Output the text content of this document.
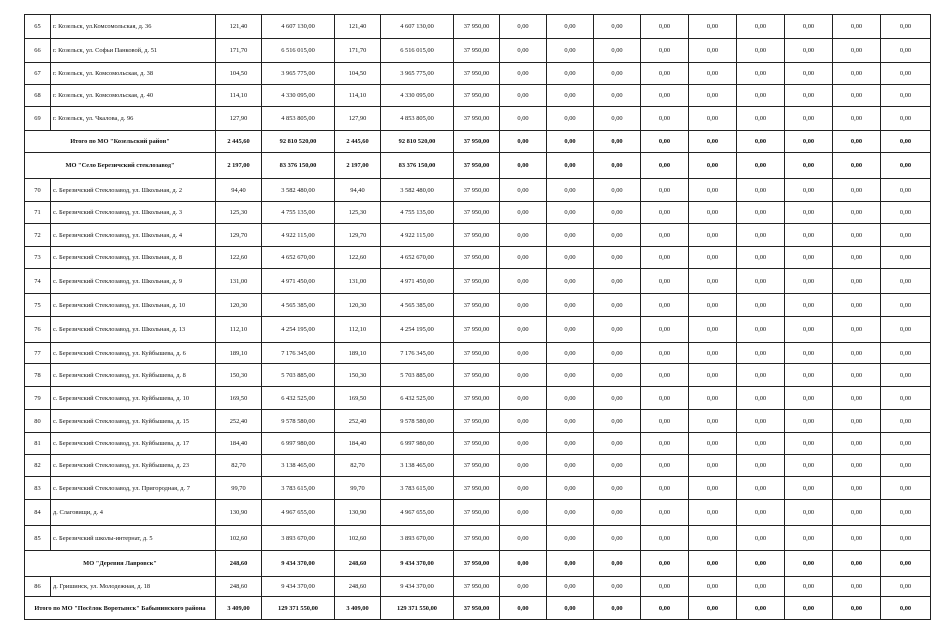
65	г. Козельск, ул.Комсомольская, д. 36	121,40	4 607 130,00	121,40	4 607 130,00	37 950,00	0,00	0,00	0,00	0,00	0,00	0,00	0,00	0,00	0,00
66	г. Козельск, ул. Софьи Панковой, д. 51	171,70	6 516 015,00	171,70	6 516 015,00	37 950,00	0,00	0,00	0,00	0,00	0,00	0,00	0,00	0,00	0,00
67	г. Козельск, ул. Комсомольская, д. 38	104,50	3 965 775,00	104,50	3 965 775,00	37 950,00	0,00	0,00	0,00	0,00	0,00	0,00	0,00	0,00	0,00
68	г. Козельск, ул. Комсомольская, д. 40	114,10	4 330 095,00	114,10	4 330 095,00	37 950,00	0,00	0,00	0,00	0,00	0,00	0,00	0,00	0,00	0,00
69	г. Козельск, ул. Чкалова, д. 96	127,90	4 853 805,00	127,90	4 853 805,00	37 950,00	0,00	0,00	0,00	0,00	0,00	0,00	0,00	0,00	0,00
Итого по МО "Козельский район"		2 445,60	92 810 520,00	2 445,60	92 810 520,00	37 950,00	0,00	0,00	0,00	0,00	0,00	0,00	0,00	0,00	0,00
МО "Село Березичский стеклозавод"		2 197,00	83 376 150,00	2 197,00	83 376 150,00	37 950,00	0,00	0,00	0,00	0,00	0,00	0,00	0,00	0,00	0,00
70	с. Березичский Стеклозавод, ул. Школьная, д. 2	94,40	3 582 480,00	94,40	3 582 480,00	37 950,00	0,00	0,00	0,00	0,00	0,00	0,00	0,00	0,00	0,00
71	с. Березичский Стеклозавод, ул. Школьная, д. 3	125,30	4 755 135,00	125,30	4 755 135,00	37 950,00	0,00	0,00	0,00	0,00	0,00	0,00	0,00	0,00	0,00
72	с. Березичский Стеклозавод, ул. Школьная, д. 4	129,70	4 922 115,00	129,70	4 922 115,00	37 950,00	0,00	0,00	0,00	0,00	0,00	0,00	0,00	0,00	0,00
73	с. Березичский Стеклозавод, ул. Школьная, д. 8	122,60	4 652 670,00	122,60	4 652 670,00	37 950,00	0,00	0,00	0,00	0,00	0,00	0,00	0,00	0,00	0,00
74	с. Березичский Стеклозавод, ул. Школьная, д. 9	131,00	4 971 450,00	131,00	4 971 450,00	37 950,00	0,00	0,00	0,00	0,00	0,00	0,00	0,00	0,00	0,00
75	с. Березичский Стеклозавод, ул. Школьная, д. 10	120,30	4 565 385,00	120,30	4 565 385,00	37 950,00	0,00	0,00	0,00	0,00	0,00	0,00	0,00	0,00	0,00
76	с. Березичский Стеклозавод, ул. Школьная, д. 13	112,10	4 254 195,00	112,10	4 254 195,00	37 950,00	0,00	0,00	0,00	0,00	0,00	0,00	0,00	0,00	0,00
77	с. Березичский Стеклозавод, ул. Куйбышева, д. 6	189,10	7 176 345,00	189,10	7 176 345,00	37 950,00	0,00	0,00	0,00	0,00	0,00	0,00	0,00	0,00	0,00
78	с. Березичский Стеклозавод, ул. Куйбышева, д. 8	150,30	5 703 885,00	150,30	5 703 885,00	37 950,00	0,00	0,00	0,00	0,00	0,00	0,00	0,00	0,00	0,00
79	с. Березичский Стеклозавод, ул. Куйбышева, д. 10	169,50	6 432 525,00	169,50	6 432 525,00	37 950,00	0,00	0,00	0,00	0,00	0,00	0,00	0,00	0,00	0,00
80	с. Березичский Стеклозавод, ул. Куйбышева, д. 15	252,40	9 578 580,00	252,40	9 578 580,00	37 950,00	0,00	0,00	0,00	0,00	0,00	0,00	0,00	0,00	0,00
81	с. Березичский Стеклозавод, ул. Куйбышева, д. 17	184,40	6 997 980,00	184,40	6 997 980,00	37 950,00	0,00	0,00	0,00	0,00	0,00	0,00	0,00	0,00	0,00
82	с. Березичский Стеклозавод, ул. Куйбышева, д. 23	82,70	3 138 465,00	82,70	3 138 465,00	37 950,00	0,00	0,00	0,00	0,00	0,00	0,00	0,00	0,00	0,00
83	с. Березичский Стеклозавод, ул. Пригородная, д. 7	99,70	3 783 615,00	99,70	3 783 615,00	37 950,00	0,00	0,00	0,00	0,00	0,00	0,00	0,00	0,00	0,00
84	д. Слаговищи, д. 4	130,90	4 967 655,00	130,90	4 967 655,00	37 950,00	0,00	0,00	0,00	0,00	0,00	0,00	0,00	0,00	0,00
85	с. Березичский школы-интернат, д. 5	102,60	3 893 670,00	102,60	3 893 670,00	37 950,00	0,00	0,00	0,00	0,00	0,00	0,00	0,00	0,00	0,00
МО "Деревня Лавровск"		248,60	9 434 370,00	248,60	9 434 370,00	37 950,00	0,00	0,00	0,00	0,00	0,00	0,00	0,00	0,00	0,00
86	д. Гришинск, ул. Молодежная, д. 18	248,60	9 434 370,00	248,60	9 434 370,00	37 950,00	0,00	0,00	0,00	0,00	0,00	0,00	0,00	0,00	0,00
Итого по МО "Посёлок Воротынск" Бабынинского района		3 409,00	129 371 550,00	3 409,00	129 371 550,00	37 950,00	0,00	0,00	0,00	0,00	0,00	0,00	0,00	0,00	0,00
